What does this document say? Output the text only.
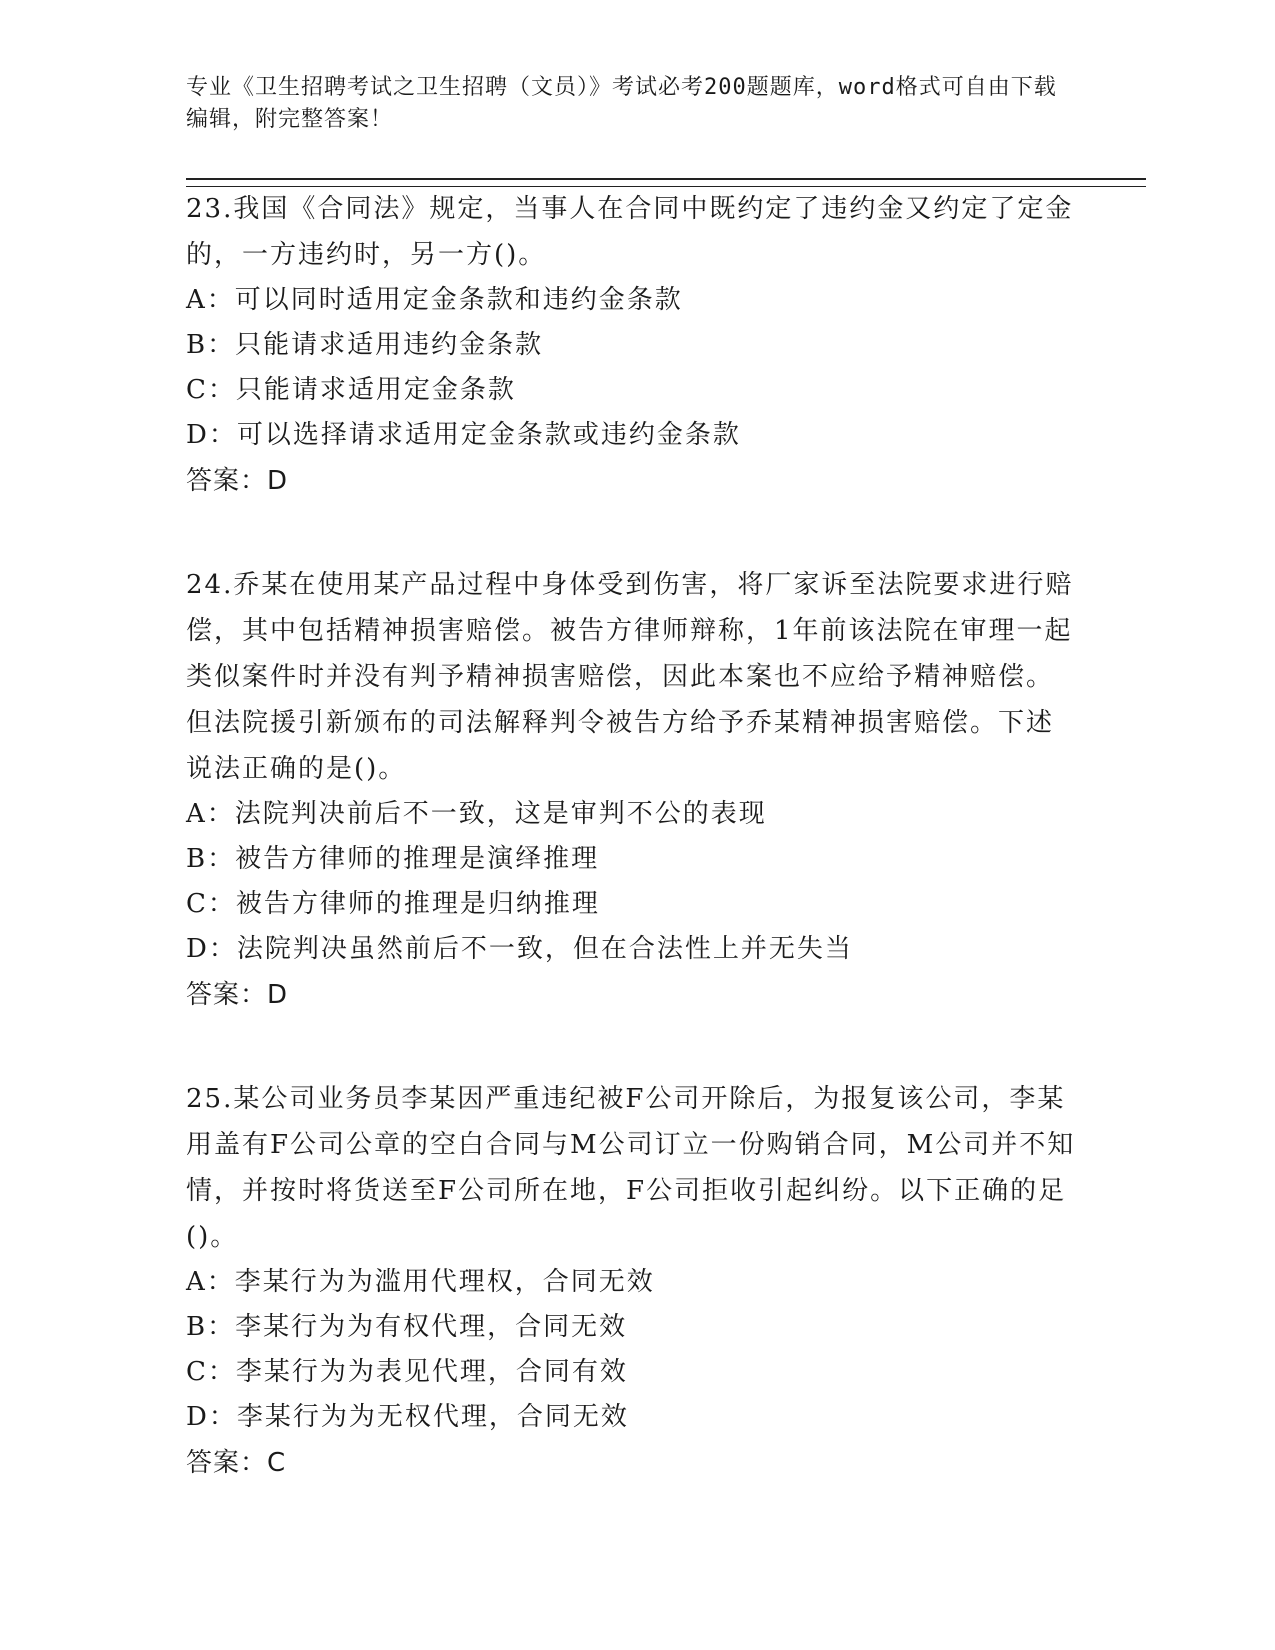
专业《卫生招聘考试之卫生招聘（文员）》考试必考200题题库，word格式可自由下载编辑，附完整答案！

23.我国《合同法》规定，当事人在合同中既约定了违约金又约定了定金的，一方违约时，另一方()。

A：可以同时适用定金条款和违约金条款

B：只能请求适用违约金条款

C：只能请求适用定金条款

D：可以选择请求适用定金条款或违约金条款

答案：D

24.乔某在使用某产品过程中身体受到伤害，将厂家诉至法院要求进行赔偿，其中包括精神损害赔偿。被告方律师辩称，1年前该法院在审理一起类似案件时并没有判予精神损害赔偿，因此本案也不应给予精神赔偿。但法院援引新颁布的司法解释判令被告方给予乔某精神损害赔偿。下述说法正确的是()。

A：法院判决前后不一致，这是审判不公的表现

B：被告方律师的推理是演绎推理

C：被告方律师的推理是归纳推理

D：法院判决虽然前后不一致，但在合法性上并无失当

答案：D

25.某公司业务员李某因严重违纪被F公司开除后，为报复该公司，李某用盖有F公司公章的空白合同与M公司订立一份购销合同，M公司并不知情，并按时将货送至F公司所在地，F公司拒收引起纠纷。以下正确的足()。

A：李某行为为滥用代理权，合同无效

B：李某行为为有权代理，合同无效

C：李某行为为表见代理，合同有效

D：李某行为为无权代理，合同无效

答案：C
